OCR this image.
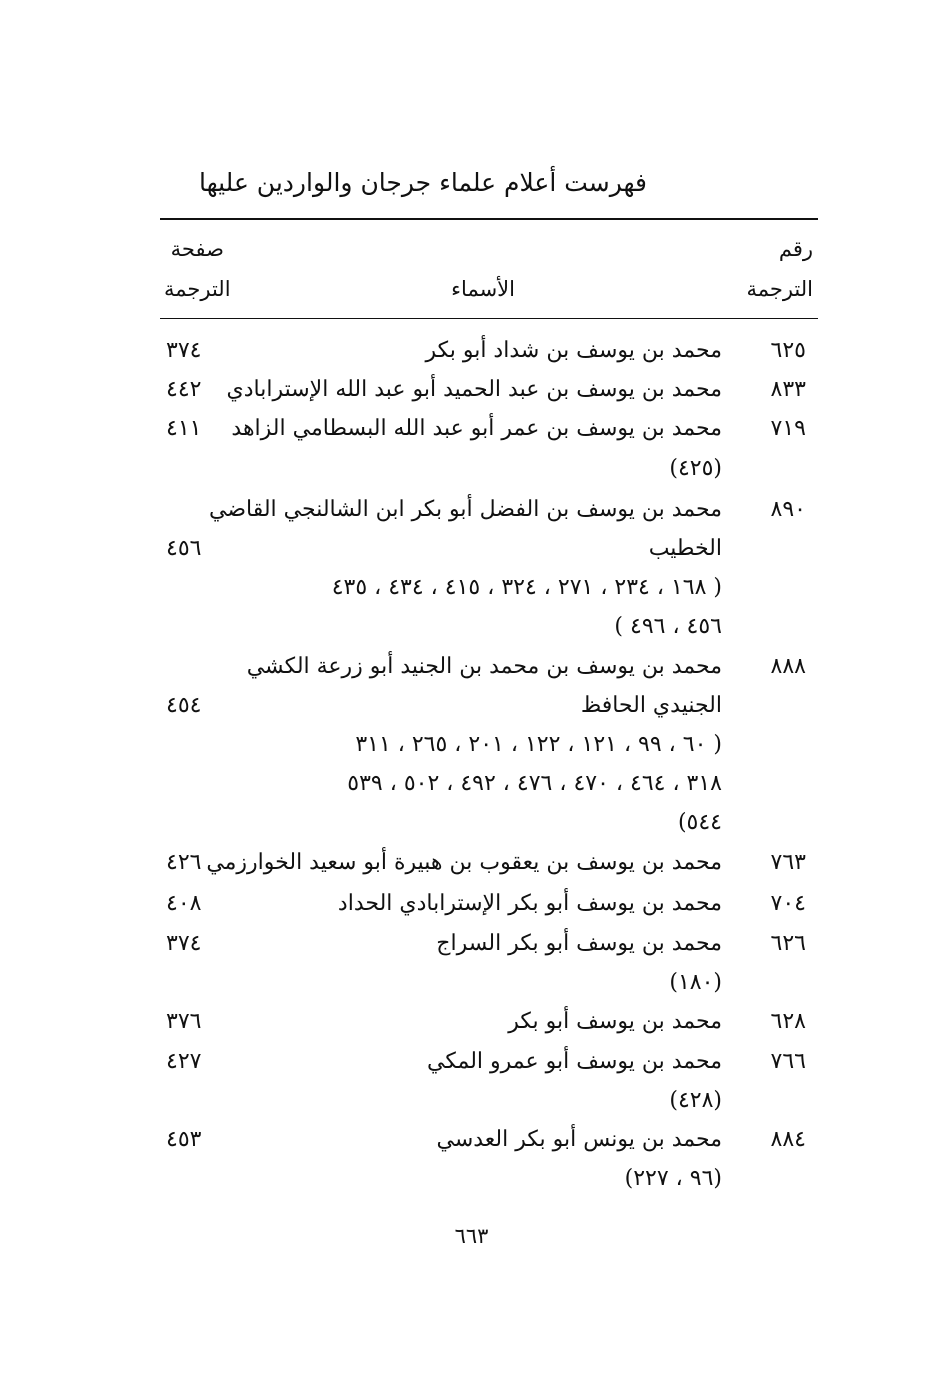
فهرست أعلام علماء جرجان والواردين عليها
رقم
الترجمة
الأسماء
صفحة
الترجمة
٦٢٥
محمد بن يوسف بن شداد أبو بكر
٣٧٤
٨٣٣
محمد بن يوسف بن عبد الحميد أبو عبد الله الإسترابادي
٤٤٢
٧١٩
محمد بن يوسف بن عمر أبو عبد الله البسطامي الزاهد
(٤٢٥)
٤١١
٨٩٠
محمد بن يوسف بن الفضل أبو بكر ابن الشالنجي القاضي
الخطيب
( ١٦٨ ، ٢٣٤ ، ٢٧١ ، ٣٢٤ ، ٤١٥ ، ٤٣٤ ، ٤٣٥
٤٥٦ ، ٤٩٦ )
٤٥٦
٨٨٨
محمد بن يوسف بن محمد بن الجنيد أبو زرعة الكشي
الجنيدي الحافظ
( ٦٠ ، ٩٩ ، ١٢١ ، ١٢٢ ، ٢٠١ ، ٢٦٥ ، ٣١١
٣١٨ ، ٤٦٤ ، ٤٧٠ ، ٤٧٦ ، ٤٩٢ ، ٥٠٢ ، ٥٣٩
٥٤٤)
٤٥٤
٧٦٣
محمد بن يوسف بن يعقوب بن هبيرة أبو سعيد الخوارزمي
٤٢٦
٧٠٤
محمد بن يوسف أبو بكر الإسترابادي الحداد
٤٠٨
٦٢٦
محمد بن يوسف أبو بكر السراج
(١٨٠)
٣٧٤
٦٢٨
محمد بن يوسف أبو بكر
٣٧٦
٧٦٦
محمد بن يوسف أبو عمرو المكي
(٤٢٨)
٤٢٧
٨٨٤
محمد بن يونس أبو بكر العدسي
(٩٦ ، ٢٢٧)
٤٥٣
٦٦٣
